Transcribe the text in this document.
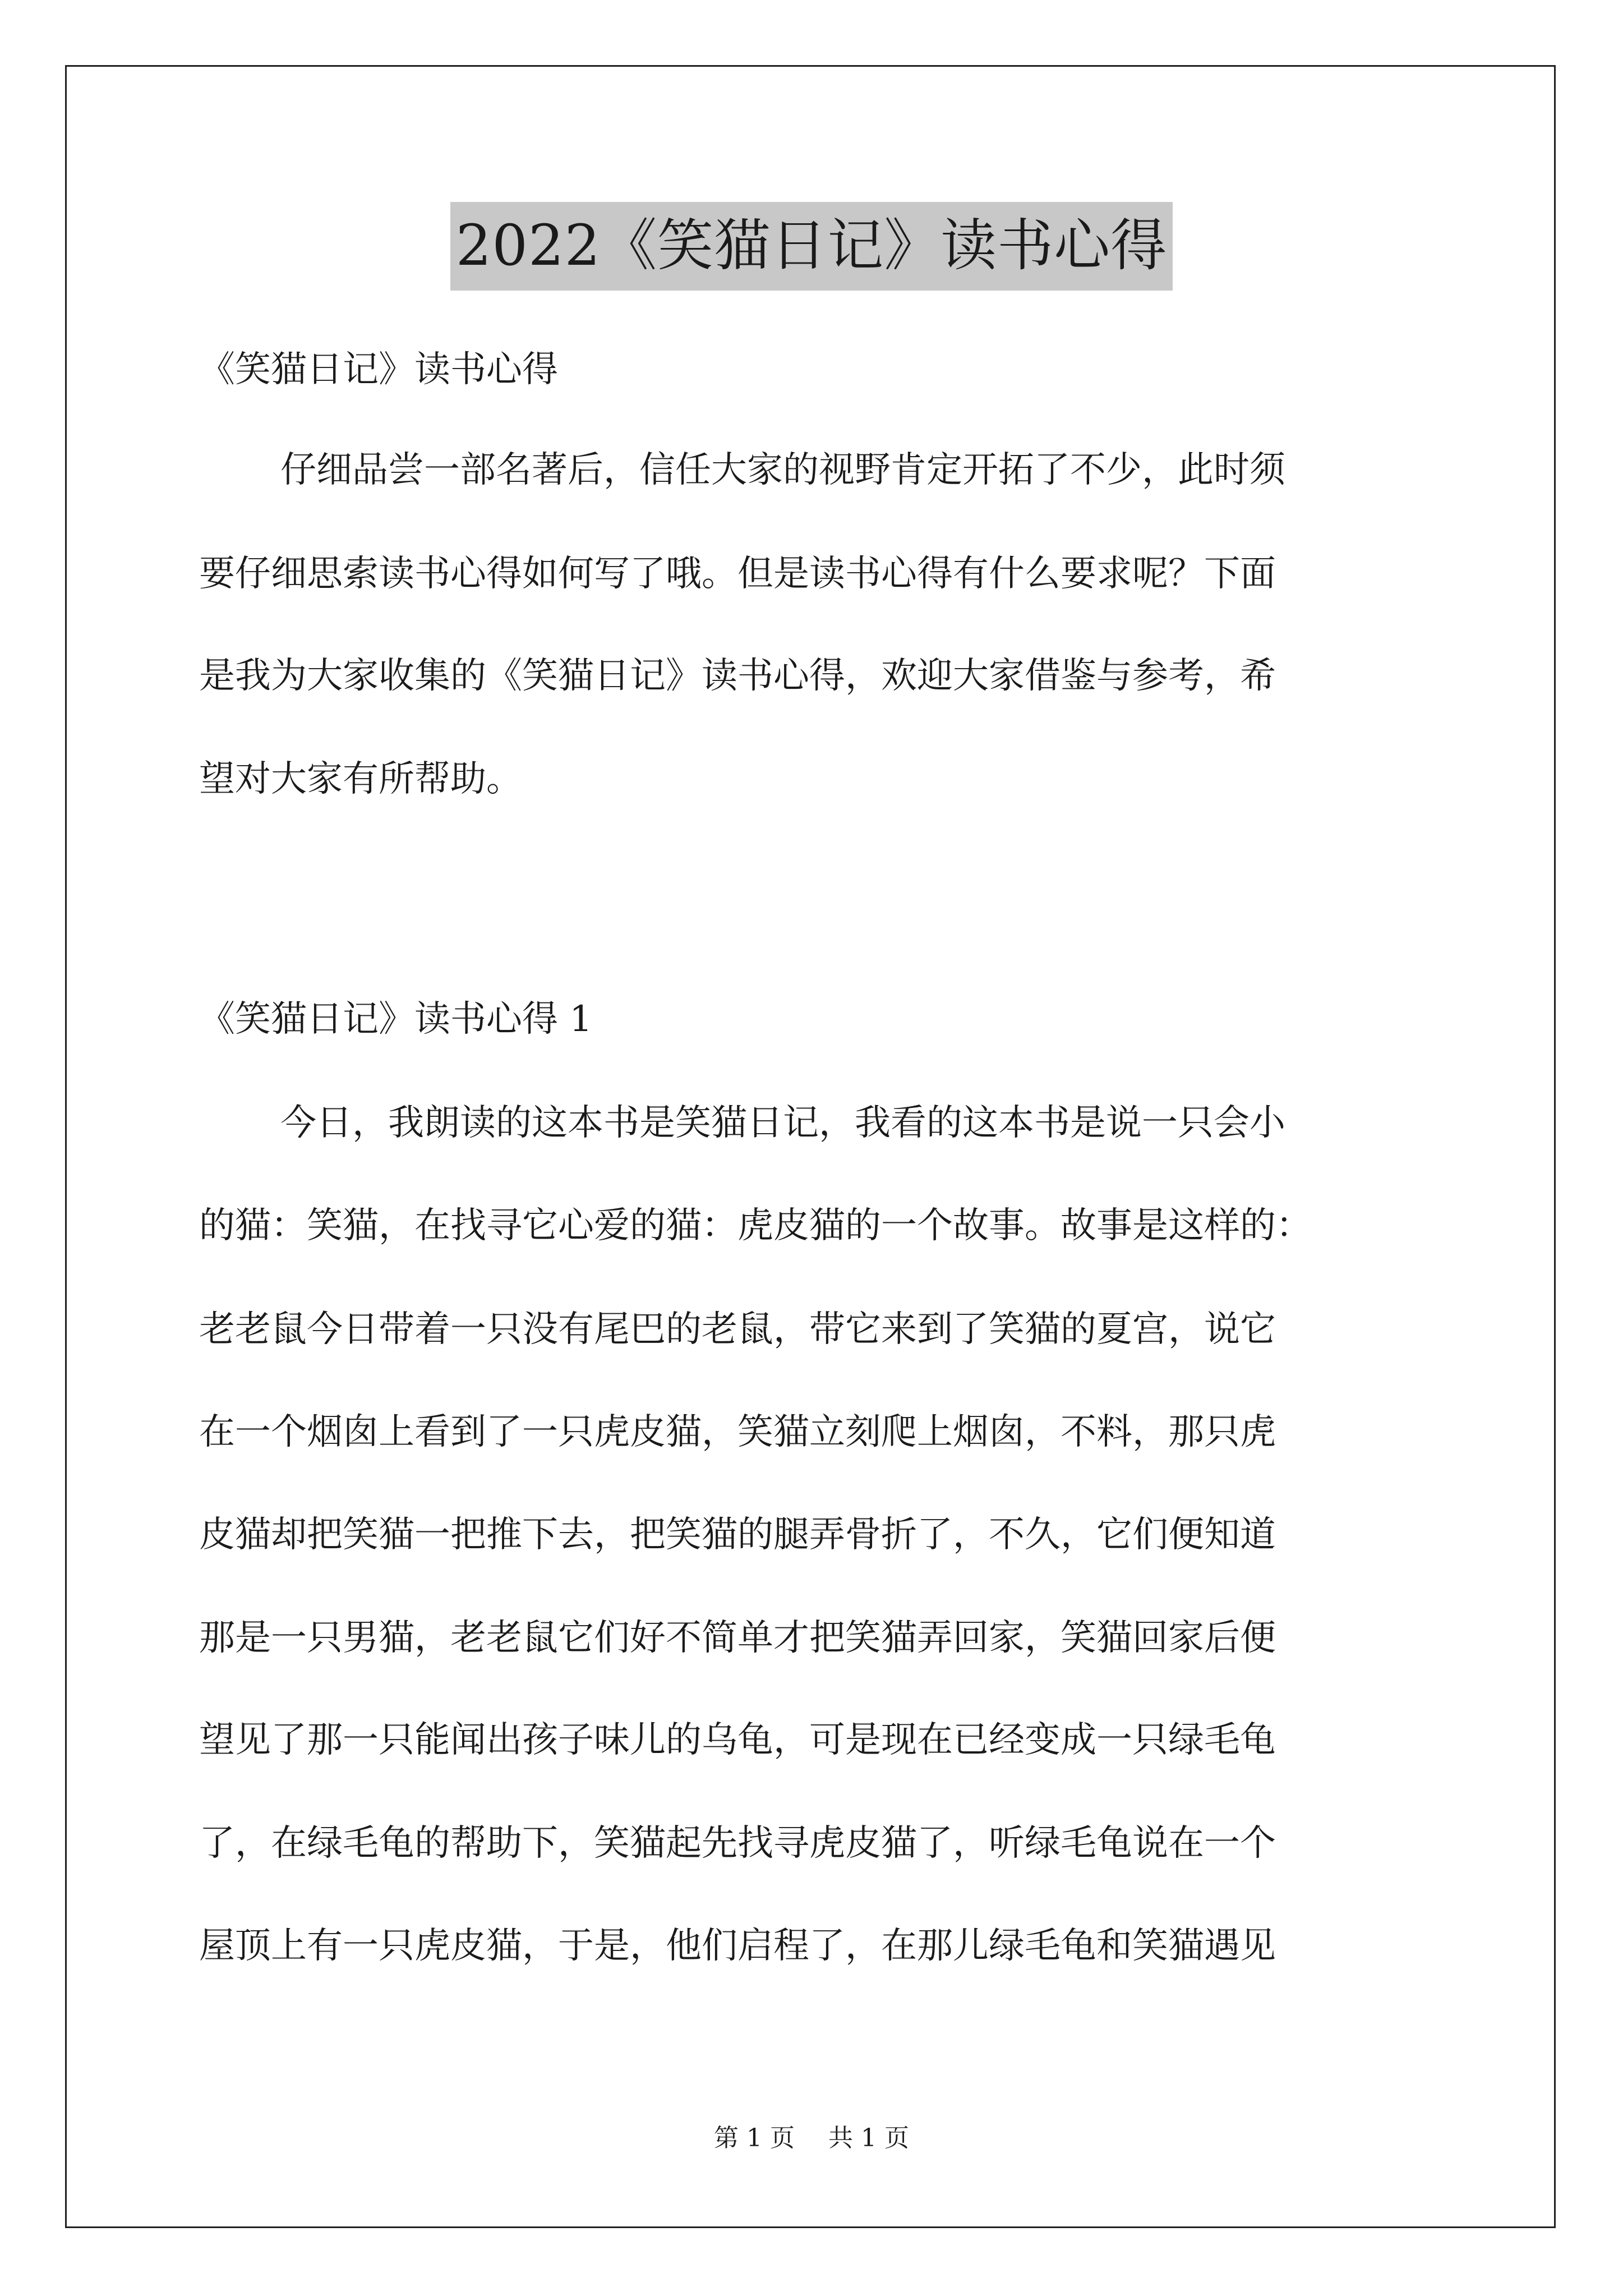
2022《笑猫日记》读书心得
《笑猫日记》读书心得
仔细品尝一部名著后，信任大家的视野肯定开拓了不少，此时须
要仔细思索读书心得如何写了哦。但是读书心得有什么要求呢？下面
是我为大家收集的《笑猫日记》读书心得，欢迎大家借鉴与参考，希
望对大家有所帮助。
《笑猫日记》读书心得 1
今日，我朗读的这本书是笑猫日记，我看的这本书是说一只会小
的猫：笑猫，在找寻它心爱的猫：虎皮猫的一个故事。故事是这样的：
老老鼠今日带着一只没有尾巴的老鼠，带它来到了笑猫的夏宫，说它
在一个烟囱上看到了一只虎皮猫，笑猫立刻爬上烟囱，不料，那只虎
皮猫却把笑猫一把推下去，把笑猫的腿弄骨折了，不久，它们便知道
那是一只男猫，老老鼠它们好不简单才把笑猫弄回家，笑猫回家后便
望见了那一只能闻出孩子味儿的乌龟，可是现在已经变成一只绿毛龟
了，在绿毛龟的帮助下，笑猫起先找寻虎皮猫了，听绿毛龟说在一个
屋顶上有一只虎皮猫，于是，他们启程了，在那儿绿毛龟和笑猫遇见
第 1 页 共 1 页
